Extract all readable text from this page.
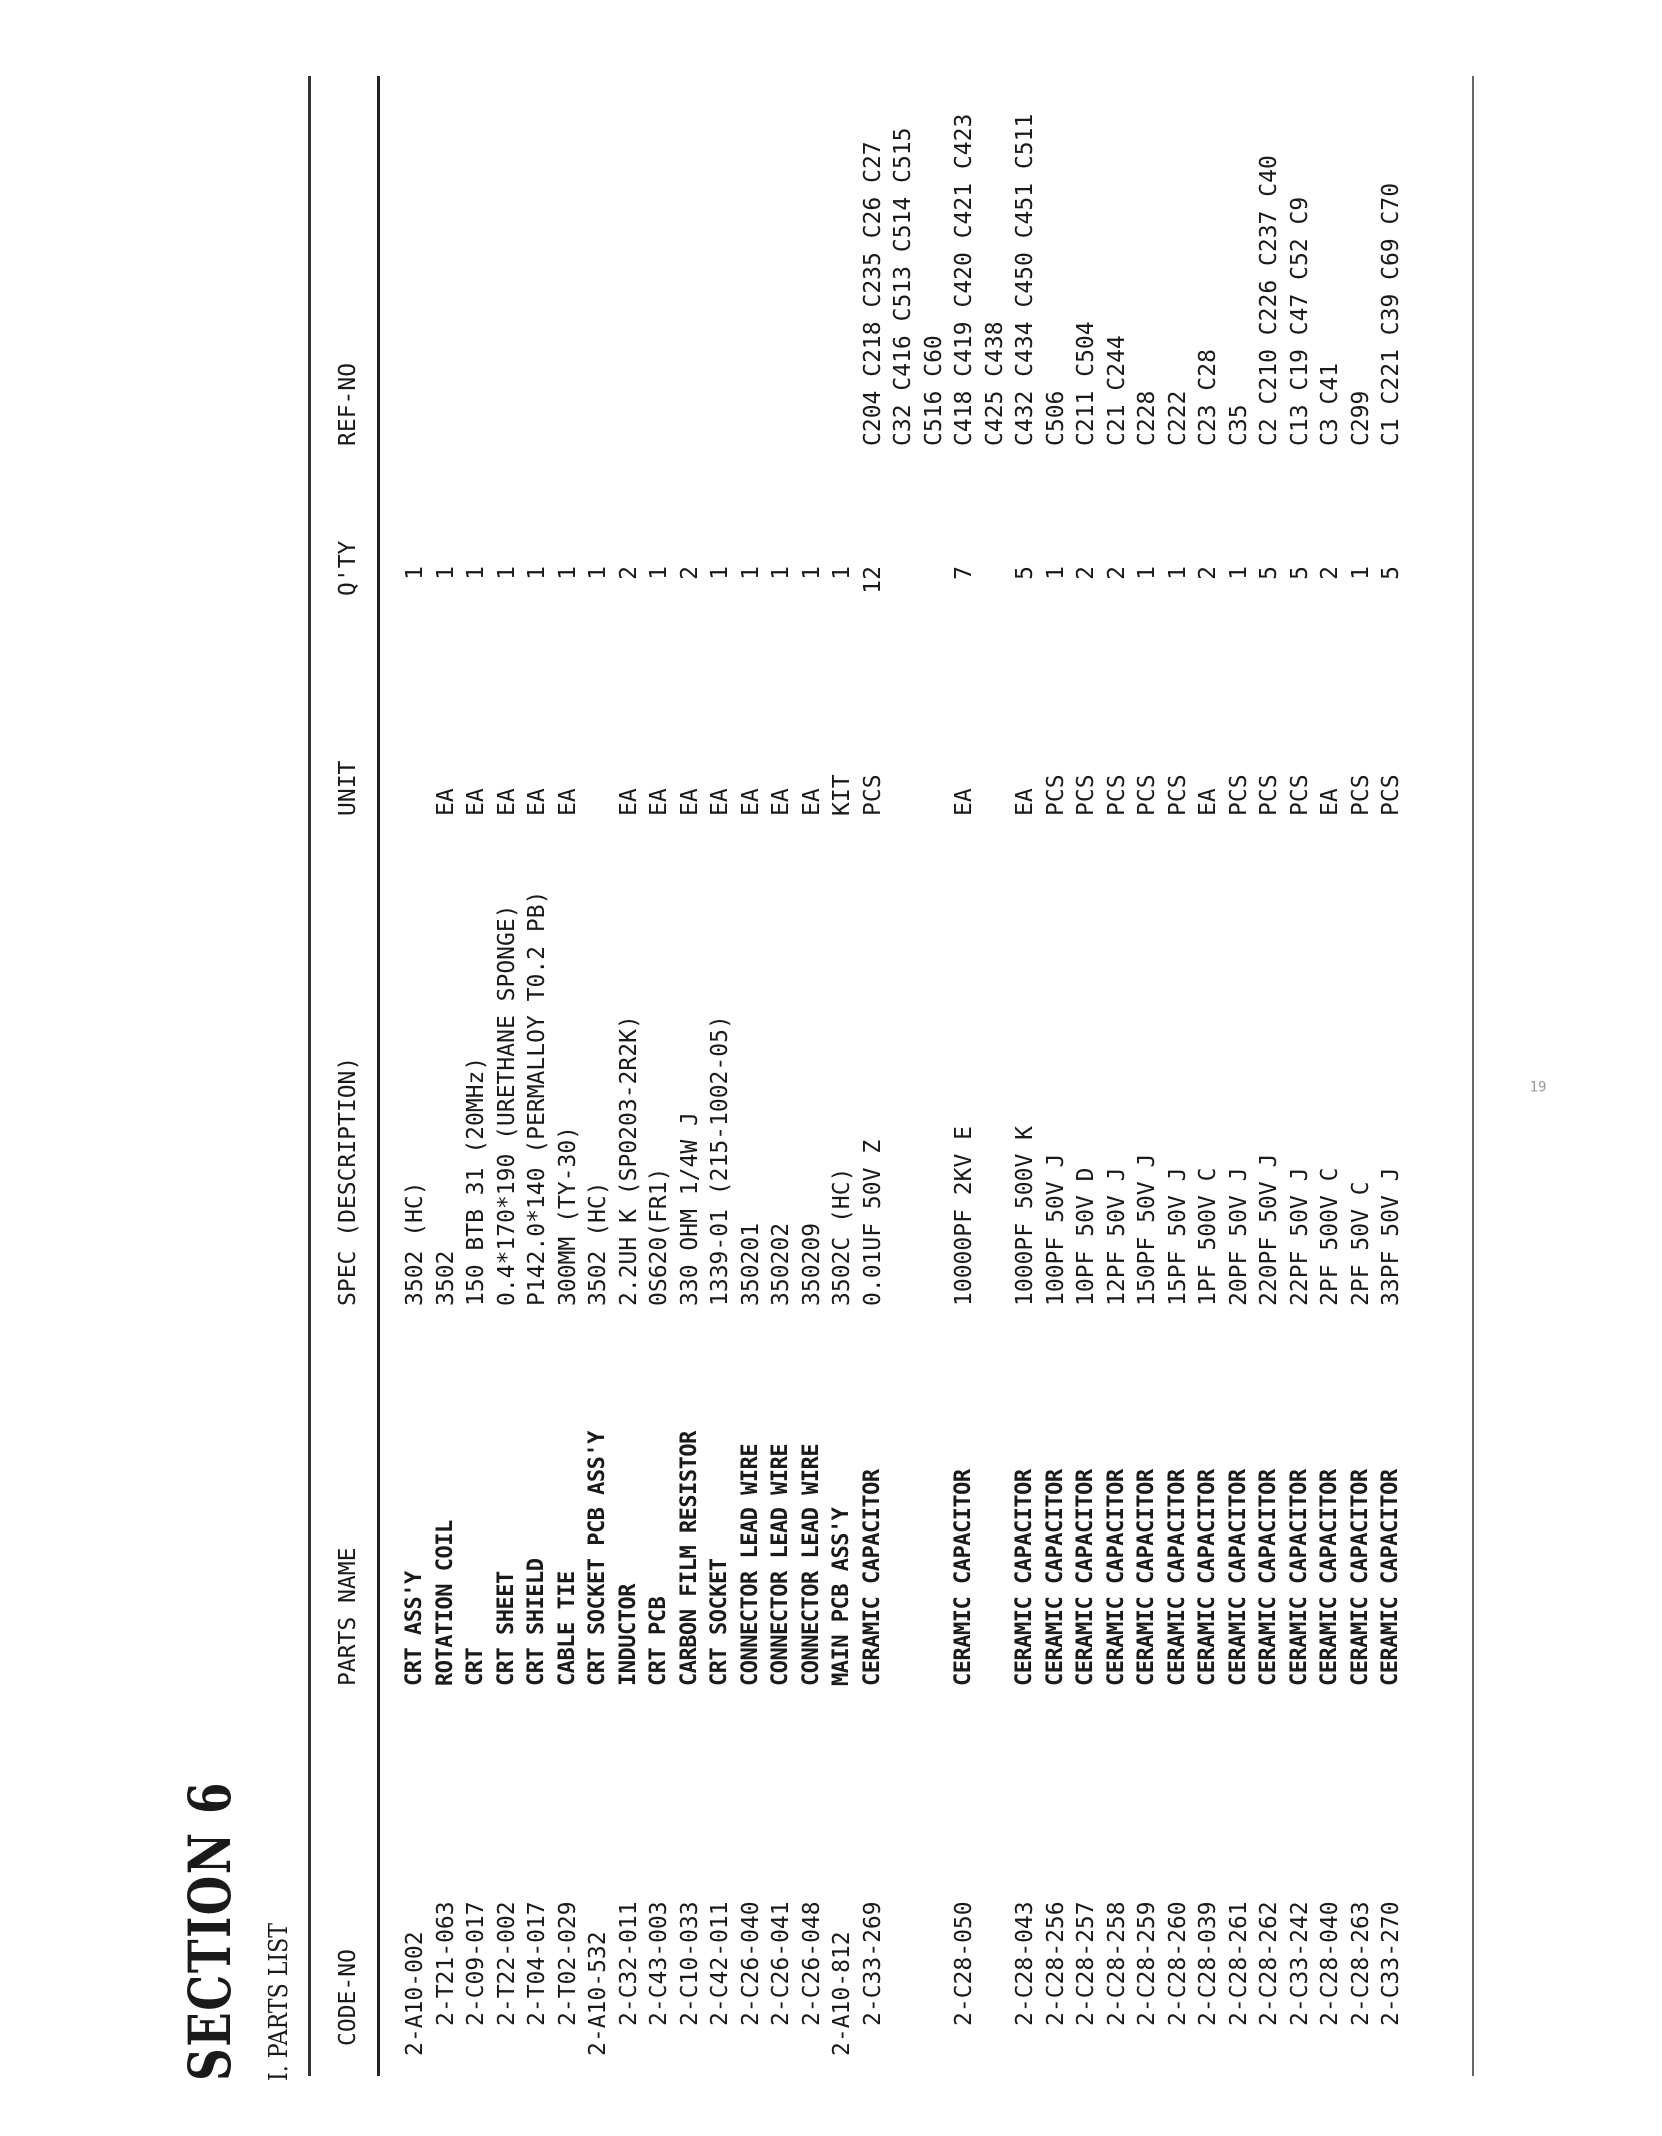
SECTION 6 I. PARTS LIST CODE-NO
PARTS NAME
SPEC (DESCRIPTION)
UNIT
Q'TY
REF-NO
2-A10-002
CRT ASS'Y
3502 (HC)
1
2-T21-063
ROTATION COIL
3502
EA
1
2-C09-017
CRT
150 BTB 31 (20MHz)
EA
1
2-T22-002
CRT SHEET
0.4*170*190 (URETHANE SPONGE)
EA
1
2-T04-017
CRT SHIELD
P142.0*140 (PERMALLOY T0.2 PB)
EA
1
2-T02-029
CABLE TIE
300MM (TY-30)
EA
1
2-A10-532
CRT SOCKET PCB ASS'Y
3502 (HC)
1
2-C32-011
INDUCTOR
2.2UH K (SP0203-2R2K)
EA
2
2-C43-003
CRT PCB
0S620(FR1)
EA
1
2-C10-033
CARBON FILM RESISTOR
330 OHM 1/4W J
EA
2
2-C42-011
CRT SOCKET
1339-01 (215-1002-05)
EA
1
2-C26-040
CONNECTOR LEAD WIRE
350201
EA
1
2-C26-041
CONNECTOR LEAD WIRE
350202
EA
1
2-C26-048
CONNECTOR LEAD WIRE
350209
EA
1
2-A10-812
MAIN PCB ASS'Y
3502C (HC)
KIT
1
2-C33-269
CERAMIC CAPACITOR
0.01UF 50V Z
PCS
12
C204 C218 C235 C26 C27 C32 C416 C513 C514 C515 C516 C60
2-C28-050
CERAMIC CAPACITOR
10000PF 2KV E
EA
7
C418 C419 C420 C421 C423 C425 C438
2-C28-043
CERAMIC CAPACITOR
1000PF 500V K
EA
5
C432 C434 C450 C451 C511
2-C28-256
CERAMIC CAPACITOR
100PF 50V J
PCS
1
C506
2-C28-257
CERAMIC CAPACITOR
10PF 50V D
PCS
2
C211 C504
2-C28-258
CERAMIC CAPACITOR
12PF 50V J
PCS
2
C21 C244
2-C28-259
CERAMIC CAPACITOR
150PF 50V J
PCS
1
C228
2-C28-260
CERAMIC CAPACITOR
15PF 50V J
PCS
1
C222
2-C28-039
CERAMIC CAPACITOR
1PF 500V C
EA
2
C23 C28
2-C28-261
CERAMIC CAPACITOR
20PF 50V J
PCS
1
C35
2-C28-262
CERAMIC CAPACITOR
220PF 50V J
PCS
5
C2 C210 C226 C237 C40
2-C33-242
CERAMIC CAPACITOR
22PF 50V J
PCS
5
C13 C19 C47 C52 C9
2-C28-040
CERAMIC CAPACITOR
2PF 500V C
EA
2
C3 C41
2-C28-263
CERAMIC CAPACITOR
2PF 50V C
PCS
1
C299
2-C33-270
CERAMIC CAPACITOR
33PF 50V J
PCS
5
C1 C221 C39 C69 C70
19
